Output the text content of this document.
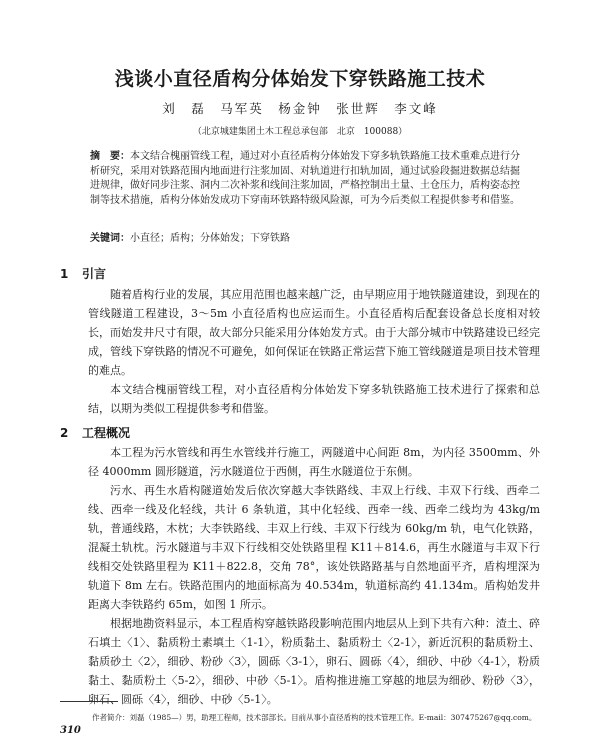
浅谈小直径盾构分体始发下穿铁路施工技术
刘　磊　马军英　杨金钟　张世辉　李文峰
（北京城建集团土木工程总承包部　北京　100088）
摘　要：本文结合槐丽管线工程，通过对小直径盾构分体始发下穿多轨铁路施工技术重难点进行分析研究，采用对铁路范围内地面进行注浆加固、对轨道进行扣轨加固，通过试验段掘进数据总结掘进规律，做好同步注浆、洞内二次补浆和线间注浆加固，严格控制出土量、土仓压力，盾构姿态控制等技术措施，盾构分体始发成功下穿南环铁路特级风险源，可为今后类似工程提供参考和借鉴。
关键词：小直径；盾构；分体始发；下穿铁路
1 引言

随着盾构行业的发展，其应用范围也越来越广泛，由早期应用于地铁隧道建设，到现在的管线隧道工程建设，3～5m 小直径盾构也应运而生。小直径盾构后配套设备总长度相对较长，而始发井尺寸有限，故大部分只能采用分体始发方式。由于大部分城市中铁路建设已经完成，管线下穿铁路的情况不可避免，如何保证在铁路正常运营下施工管线隧道是项目技术管理的难点。

本文结合槐丽管线工程，对小直径盾构分体始发下穿多轨铁路施工技术进行了探索和总结，以期为类似工程提供参考和借鉴。

2 工程概况

本工程为污水管线和再生水管线并行施工，两隧道中心间距 8m，为内径 3500mm、外径 4000mm 圆形隧道，污水隧道位于西侧，再生水隧道位于东侧。

污水、再生水盾构隧道始发后依次穿越大李铁路线、丰双上行线、丰双下行线、西牵二线、西牵一线及化轻线，共计 6 条轨道，其中化轻线、西牵一线、西牵二线均为 43kg/m 轨，普通线路，木枕；大李铁路线、丰双上行线、丰双下行线为 60kg/m 轨，电气化铁路，混凝土轨枕。污水隧道与丰双下行线相交处铁路里程 K11＋814.6，再生水隧道与丰双下行线相交处铁路里程为 K11＋822.8，交角 78°，该处铁路路基与自然地面平齐，盾构埋深为轨道下 8m 左右。铁路范围内的地面标高为 40.534m，轨道标高约 41.134m。盾构始发井距离大李铁路约 65m，如图 1 所示。

根据地勘资料显示，本工程盾构穿越铁路段影响范围内地层从上到下共有六种：渣土、碎石填土〈1〉、黏质粉土素填土〈1-1〉，粉质黏土、黏质粉土〈2-1〉，新近沉积的黏质粉土、黏质砂土〈2〉，细砂、粉砂〈3〉，圆砾〈3-1〉，卵石、圆砾〈4〉，细砂、中砂〈4-1〉，粉质黏土、黏质粉土〈5-2〉，细砂、中砂〈5-1〉。盾构推进施工穿越的地层为细砂、粉砂〈3〉，卵石、圆砾〈4〉，细砂、中砂〈5-1〉。

作者简介：刘磊（1985—）男，助理工程师，技术部部长。目前从事小直径盾构的技术管理工作。E-mail：307475267@qq.com。
310
